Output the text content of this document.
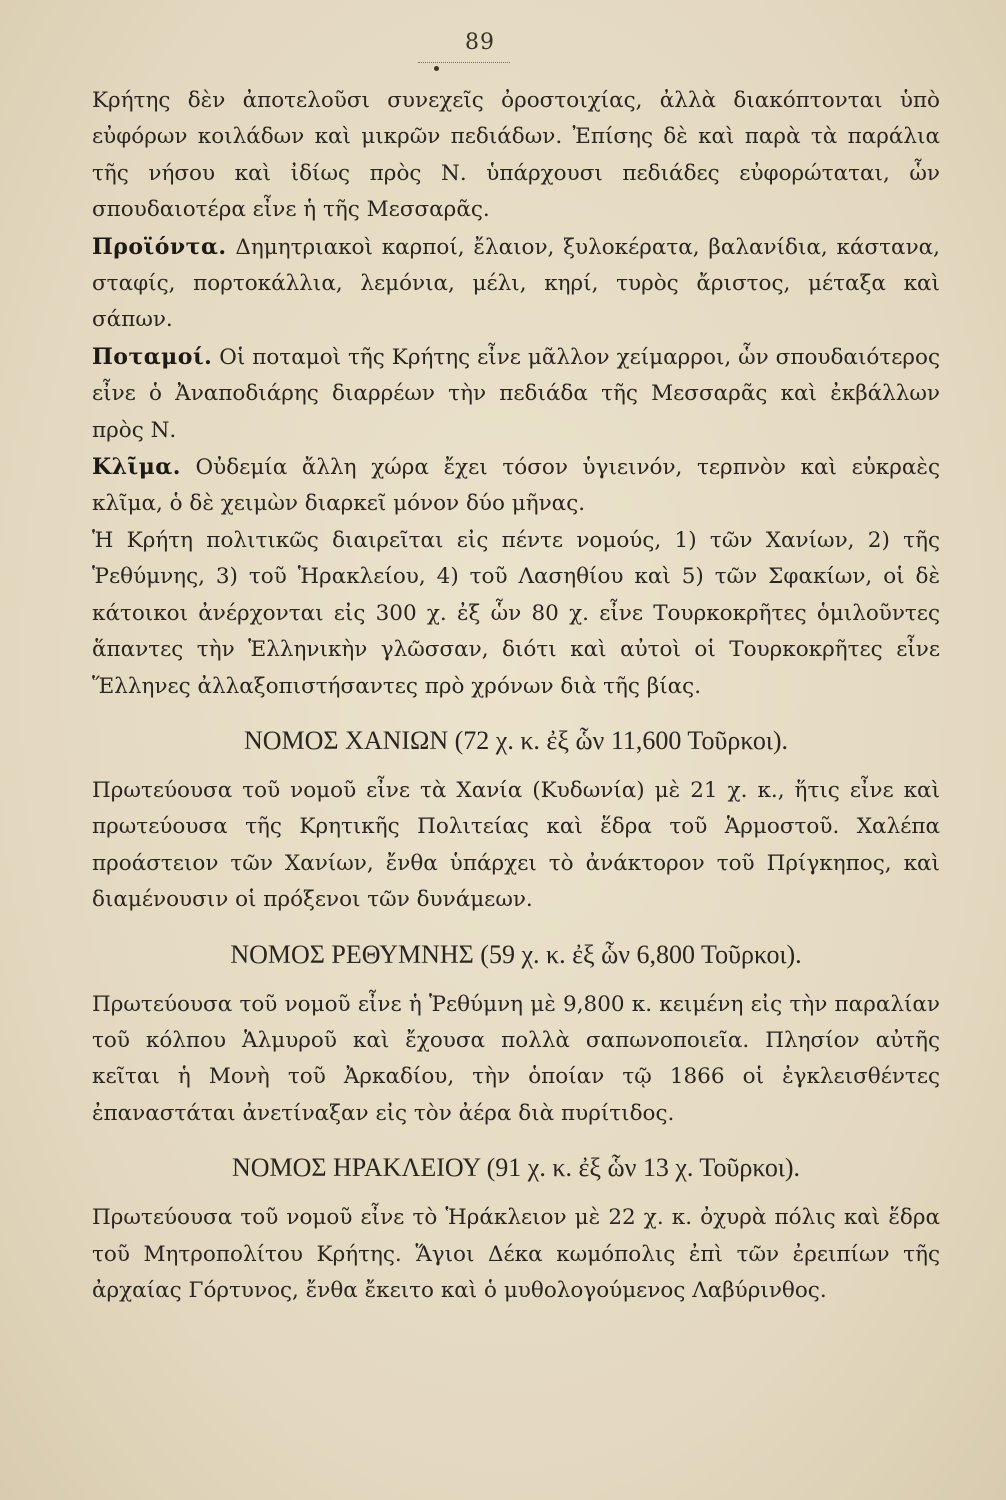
89

Κρήτης δὲν ἀποτελοῦσι συνεχεῖς ὀροστοιχίας, ἀλλὰ διακόπτονται ὑπὸ εὐφόρων κοιλάδων καὶ μικρῶν πεδιάδων. Ἐπίσης δὲ καὶ παρὰ τὰ παράλια τῆς νήσου καὶ ἰδίως πρὸς Ν. ὑπάρχουσι πεδιάδες εὐφορώταται, ὧν σπουδαιοτέρα εἶνε ἡ τῆς Μεσσαρᾶς.

Προϊόντα. Δημητριακοὶ καρποί, ἔλαιον, ξυλοκέρατα, βαλανίδια, κάστανα, σταφίς, πορτοκάλλια, λεμόνια, μέλι, κηρί, τυρὸς ἄριστος, μέταξα καὶ σάπων.

Ποταμοί. Οἱ ποταμοὶ τῆς Κρήτης εἶνε μᾶλλον χείμαρροι, ὧν σπουδαιότερος εἶνε ὁ Ἀναποδιάρης διαρρέων τὴν πεδιάδα τῆς Μεσσαρᾶς καὶ ἐκβάλλων πρὸς Ν.

Κλῖμα. Οὐδεμία ἄλλη χώρα ἔχει τόσον ὑγιεινόν, τερπνὸν καὶ εὐκραὲς κλῖμα, ὁ δὲ χειμὼν διαρκεῖ μόνον δύο μῆνας.

Ἡ Κρήτη πολιτικῶς διαιρεῖται εἰς πέντε νομούς, 1) τῶν Χανίων, 2) τῆς Ῥεθύμνης, 3) τοῦ Ἡρακλείου, 4) τοῦ Λασηθίου καὶ 5) τῶν Σφακίων, οἱ δὲ κάτοικοι ἀνέρχονται εἰς 300 χ. ἐξ ὧν 80 χ. εἶνε Τουρκοκρῆτες ὁμιλοῦντες ἅπαντες τὴν Ἑλληνικὴν γλῶσσαν, διότι καὶ αὐτοὶ οἱ Τουρκοκρῆτες εἶνε Ἕλληνες ἀλλαξοπιστήσαντες πρὸ χρόνων διὰ τῆς βίας.

ΝΟΜΟΣ ΧΑΝΙΩΝ (72 χ. κ. ἐξ ὧν 11,600 Τοῦρκοι).

Πρωτεύουσα τοῦ νομοῦ εἶνε τὰ Χανία (Κυδωνία) μὲ 21 χ. κ., ἥτις εἶνε καὶ πρωτεύουσα τῆς Κρητικῆς Πολιτείας καὶ ἕδρα τοῦ Ἁρμοστοῦ. Χαλέπα προάστειον τῶν Χανίων, ἔνθα ὑπάρχει τὸ ἀνάκτορον τοῦ Πρίγκηπος, καὶ διαμένουσιν οἱ πρόξενοι τῶν δυνάμεων.

ΝΟΜΟΣ ΡΕΘΥΜΝΗΣ (59 χ. κ. ἐξ ὧν 6,800 Τοῦρκοι).

Πρωτεύουσα τοῦ νομοῦ εἶνε ἡ Ῥεθύμνη μὲ 9,800 κ. κειμένη εἰς τὴν παραλίαν τοῦ κόλπου Ἁλμυροῦ καὶ ἔχουσα πολλὰ σαπωνοποιεῖα. Πλησίον αὐτῆς κεῖται ἡ Μονὴ τοῦ Ἀρκαδίου, τὴν ὁποίαν τῷ 1866 οἱ ἐγκλεισθέντες ἐπαναστάται ἀνετίναξαν εἰς τὸν ἀέρα διὰ πυρίτιδος.

ΝΟΜΟΣ ΗΡΑΚΛΕΙΟΥ (91 χ. κ. ἐξ ὧν 13 χ. Τοῦρκοι).

Πρωτεύουσα τοῦ νομοῦ εἶνε τὸ Ἡράκλειον μὲ 22 χ. κ. ὀχυρὰ πόλις καὶ ἕδρα τοῦ Μητροπολίτου Κρήτης. Ἅγιοι Δέκα κωμόπολις ἐπὶ τῶν ἐρειπίων τῆς ἀρχαίας Γόρτυνος, ἔνθα ἔκειτο καὶ ὁ μυθολογούμενος Λαβύρινθος.
